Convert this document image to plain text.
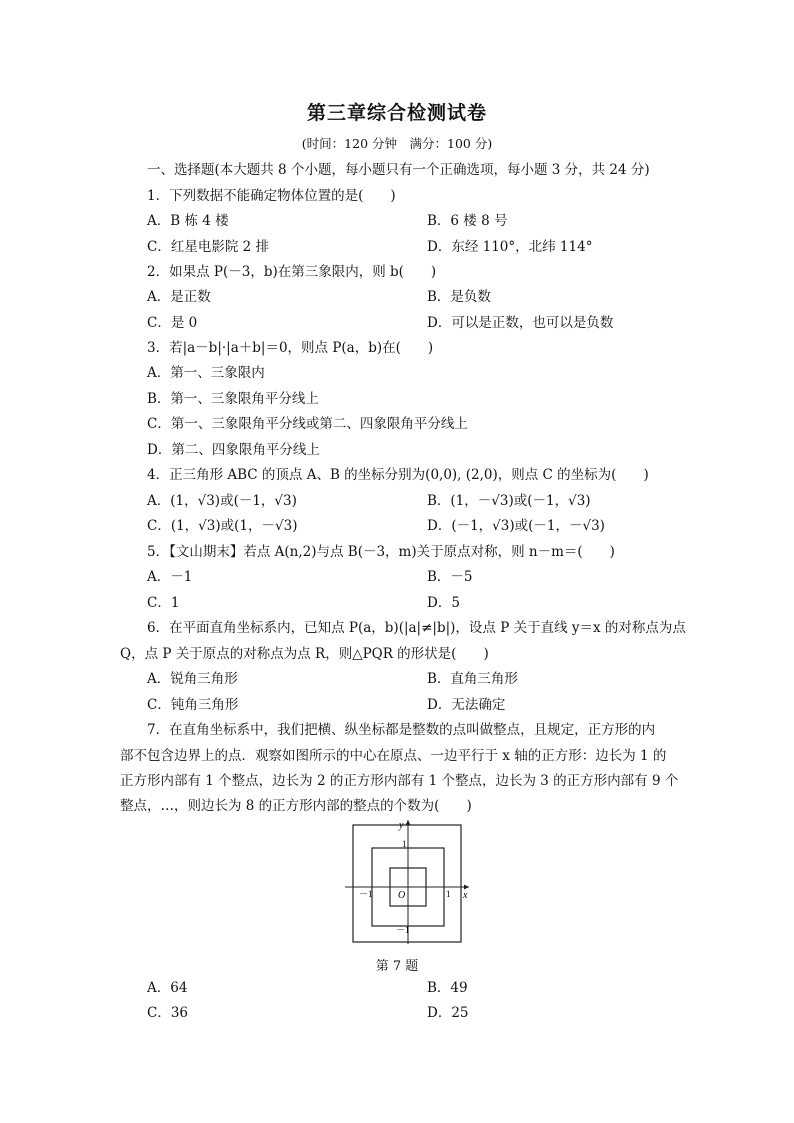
第三章综合检测试卷
(时间：120 分钟　满分：100 分)
一、选择题(本大题共 8 个小题，每小题只有一个正确选项，每小题 3 分，共 24 分)
1．下列数据不能确定物体位置的是(　　)
A．B 栋 4 楼	B．6 楼 8 号
C．红星电影院 2 排	D．东经 110°，北纬 114°
2．如果点 P(－3，b)在第三象限内，则 b(　　)
A．是正数	B．是负数
C．是 0	D．可以是正数，也可以是负数
3．若|a－b|·|a＋b|＝0，则点 P(a，b)在(　　)
A．第一、三象限内
B．第一、三象限角平分线上
C．第一、三象限角平分线或第二、四象限角平分线上
D．第二、四象限角平分线上
4．正三角形 ABC 的顶点 A、B 的坐标分别为(0,0), (2,0)，则点 C 的坐标为(　　)
A．(1，√3)或(－1，√3)	B．(1，－√3)或(－1，√3)
C．(1，√3)或(1，－√3)	D．(－1，√3)或(－1，－√3)
5．【文山期末】若点 A(n,2)与点 B(－3，m)关于原点对称，则 n－m＝(　　)
A．－1	B．－5
C．1	D．5
6．在平面直角坐标系内，已知点 P(a，b)(|a|≠|b|)，设点 P 关于直线 y＝x 的对称点为点
Q，点 P 关于原点的对称点为点 R，则△PQR 的形状是(　　)
A．锐角三角形	B．直角三角形
C．钝角三角形	D．无法确定
7．在直角坐标系中，我们把横、纵坐标都是整数的点叫做整点，且规定，正方形的内
部不包含边界上的点．观察如图所示的中心在原点、一边平行于 x 轴的正方形：边长为 1 的
正方形内部有 1 个整点，边长为 2 的正方形内部有 1 个整点，边长为 3 的正方形内部有 9 个
整点，…，则边长为 8 的正方形内部的整点的个数为(　　)
y
x
O	1
－1
1
－1
第 7 题
A．64	B．49
C．36	D．25
